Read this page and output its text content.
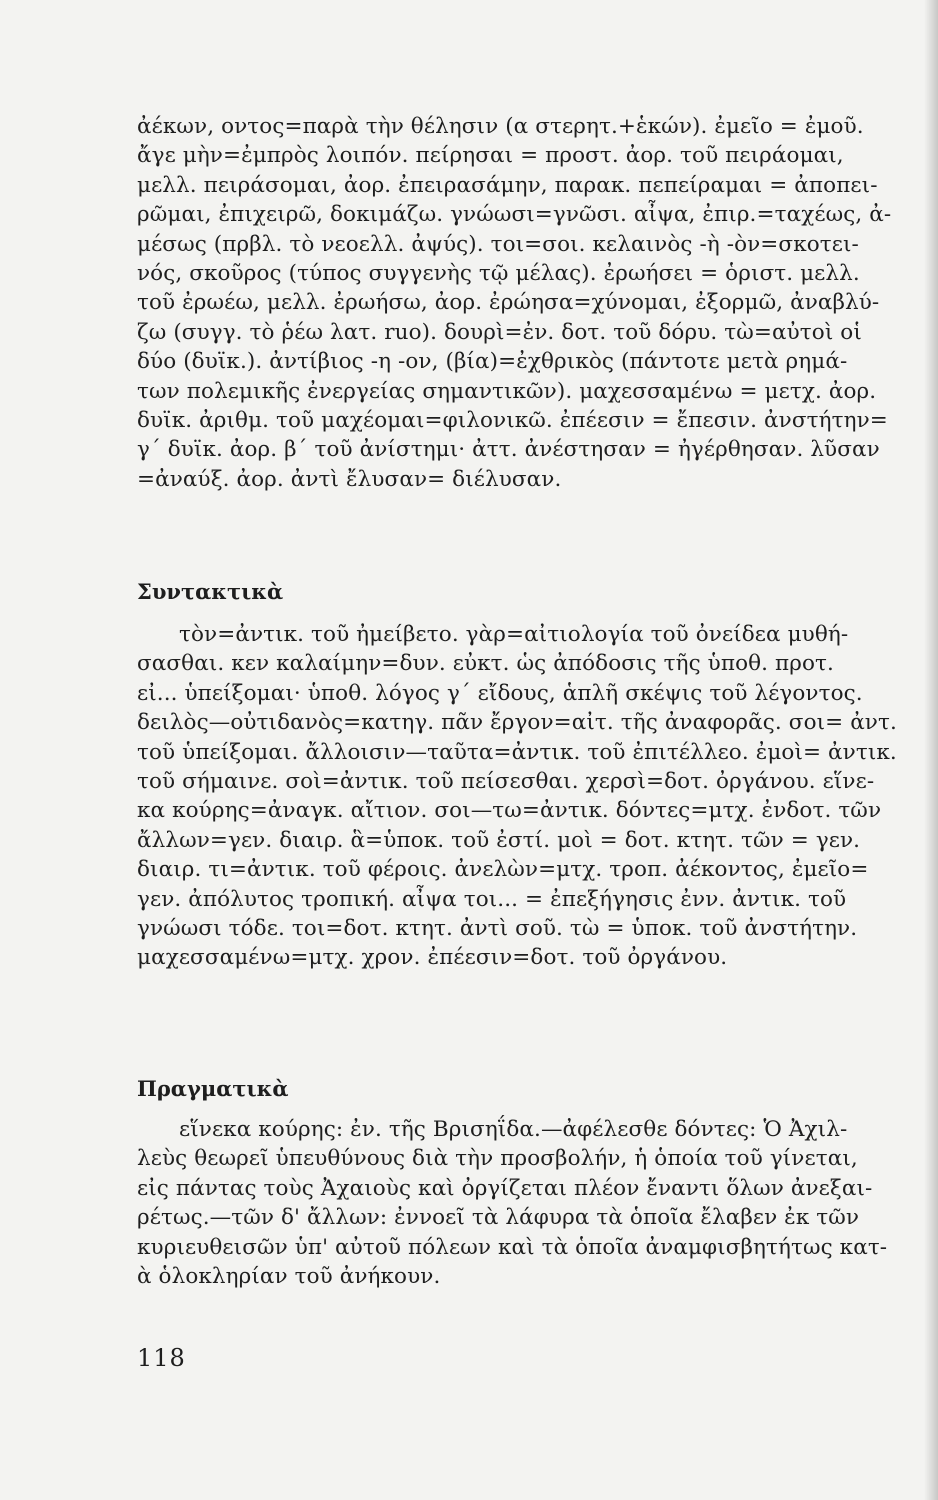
ἀέκων, οντος=παρὰ τὴν θέλησιν (α στερητ.+ἑκών). ἐμεῖο = ἐμοῦ.
ἄγε μὴν=ἐμπρὸς λοιπόν. πείρησαι = προστ. ἀορ. τοῦ πειράομαι,
μελλ. πειράσομαι, ἀορ. ἐπειρασάμην, παρακ. πεπείραμαι = ἀποπει-
ρῶμαι, ἐπιχειρῶ, δοκιμάζω. γνώωσι=γνῶσι. αἶψα, ἐπιρ.=ταχέως, ἀ-
μέσως (πρβλ. τὸ νεοελλ. ἀψύς). τοι=σοι. κελαινὸς -ὴ -ὸν=σκοτει-
νός, σκοῦρος (τύπος συγγενὴς τῷ μέλας). ἐρωήσει = ὁριστ. μελλ.
τοῦ ἐρωέω, μελλ. ἐρωήσω, ἀορ. ἐρώησα=χύνομαι, ἐξορμῶ, ἀναβλύ-
ζω (συγγ. τὸ ῥέω λατ. ruo). δουρὶ=ἐν. δοτ. τοῦ δόρυ. τὼ=αὐτοὶ οἱ
δύο (δυϊκ.). ἀντίβιος -η -ον, (βία)=ἐχθρικὸς (πάντοτε μετὰ ρημά-
των πολεμικῆς ἐνεργείας σημαντικῶν). μαχεσσαμένω = μετχ. ἀορ.
δυϊκ. ἀριθμ. τοῦ μαχέομαι=φιλονικῶ. ἐπέεσιν = ἔπεσιν. ἀνστήτην=
γ΄ δυϊκ. ἀορ. β΄ τοῦ ἀνίστημι· ἀττ. ἀνέστησαν = ἠγέρθησαν. λῦσαν
=ἀναύξ. ἀορ. ἀντὶ ἔλυσαν= διέλυσαν.
Συντακτικὰ
τὸν=ἀντικ. τοῦ ἠμείβετο. γὰρ=αἰτιολογία τοῦ ὀνείδεα μυθή-
σασθαι. κεν καλαίμην=δυν. εὐκτ. ὡς ἀπόδοσις τῆς ὑποθ. προτ.
εἰ... ὑπείξομαι· ὑποθ. λόγος γ΄ εἴδους, ἁπλῆ σκέψις τοῦ λέγοντος.
δειλὸς—οὐτιδανὸς=κατηγ. πᾶν ἔργον=αἰτ. τῆς ἀναφορᾶς. σοι= ἀντ.
τοῦ ὑπείξομαι. ἄλλοισιν—ταῦτα=ἀντικ. τοῦ ἐπιτέλλεο. ἐμοὶ= ἀντικ.
τοῦ σήμαινε. σοὶ=ἀντικ. τοῦ πείσεσθαι. χερσὶ=δοτ. ὀργάνου. εἵνε-
κα κούρης=ἀναγκ. αἴτιον. σοι—τω=ἀντικ. δόντες=μτχ. ἐνδοτ. τῶν
ἄλλων=γεν. διαιρ. ἃ=ὑποκ. τοῦ ἐστί. μοὶ = δοτ. κτητ. τῶν = γεν.
διαιρ. τι=ἀντικ. τοῦ φέροις. ἀνελὼν=μτχ. τροπ. ἀέκοντος, ἐμεῖο=
γεν. ἀπόλυτος τροπική. αἶψα τοι... = ἐπεξήγησις ἐνν. ἀντικ. τοῦ
γνώωσι τόδε. τοι=δοτ. κτητ. ἀντὶ σοῦ. τὼ = ὑποκ. τοῦ ἀνστήτην.
μαχεσσαμένω=μτχ. χρον. ἐπέεσιν=δοτ. τοῦ ὀργάνου.
Πραγματικὰ
εἵνεκα κούρης: ἐν. τῆς Βρισηΐδα.—ἀφέλεσθε δόντες: Ὁ Ἀχιλ-
λεὺς θεωρεῖ ὑπευθύνους διὰ τὴν προσβολήν, ἡ ὁποία τοῦ γίνεται,
εἰς πάντας τοὺς Ἀχαιοὺς καὶ ὀργίζεται πλέον ἔναντι ὅλων ἀνεξαι-
ρέτως.—τῶν δ' ἄλλων: ἐννοεῖ τὰ λάφυρα τὰ ὁποῖα ἔλαβεν ἐκ τῶν
κυριευθεισῶν ὑπ' αὐτοῦ πόλεων καὶ τὰ ὁποῖα ἀναμφισβητήτως κατ-
ὰ ὁλοκληρίαν τοῦ ἀνήκουν.
118
